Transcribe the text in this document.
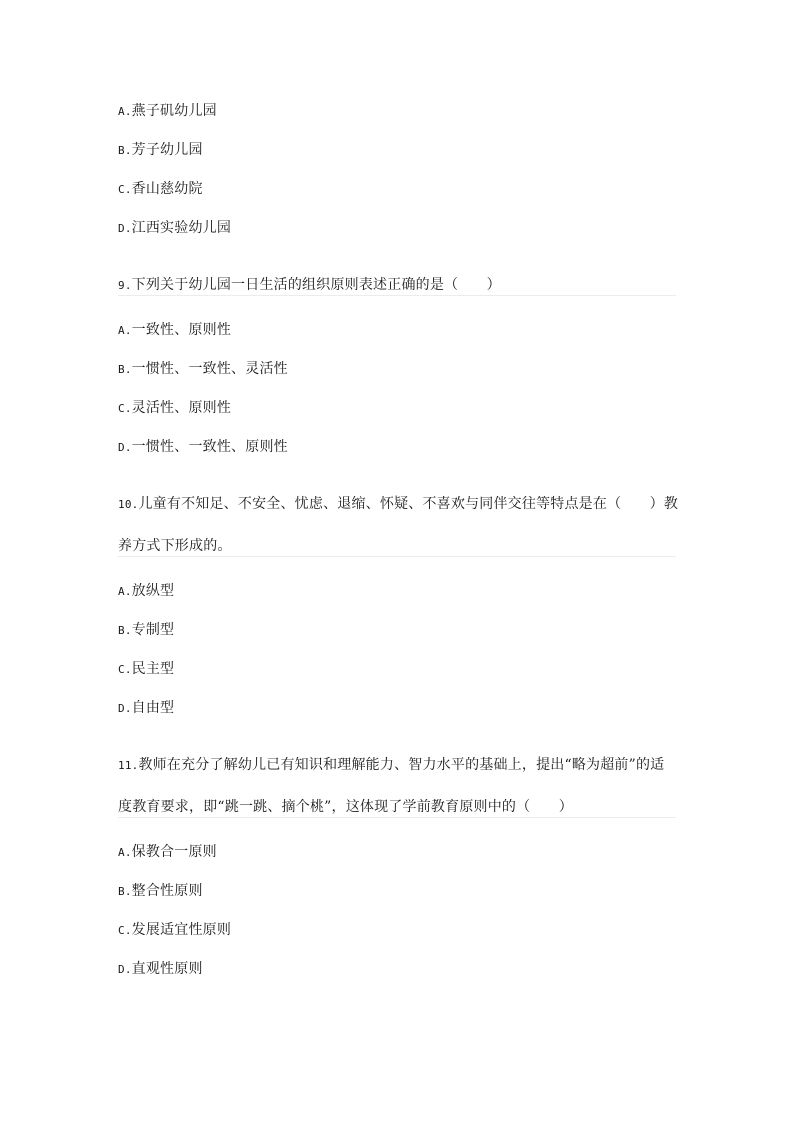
A.燕子矶幼儿园
B.芳子幼儿园
C.香山慈幼院
D.江西实验幼儿园
9.下列关于幼儿园一日生活的组织原则表述正确的是（　　）
A.一致性、原则性
B.一惯性、一致性、灵活性
C.灵活性、原则性
D.一惯性、一致性、原则性
10.儿童有不知足、不安全、忧虑、退缩、怀疑、不喜欢与同伴交往等特点是在（　　）教
养方式下形成的。
A.放纵型
B.专制型
C.民主型
D.自由型
11.教师在充分了解幼儿已有知识和理解能力、智力水平的基础上，提出“略为超前”的适
度教育要求，即“跳一跳、摘个桃”，这体现了学前教育原则中的（　　）
A.保教合一原则
B.整合性原则
C.发展适宜性原则
D.直观性原则
